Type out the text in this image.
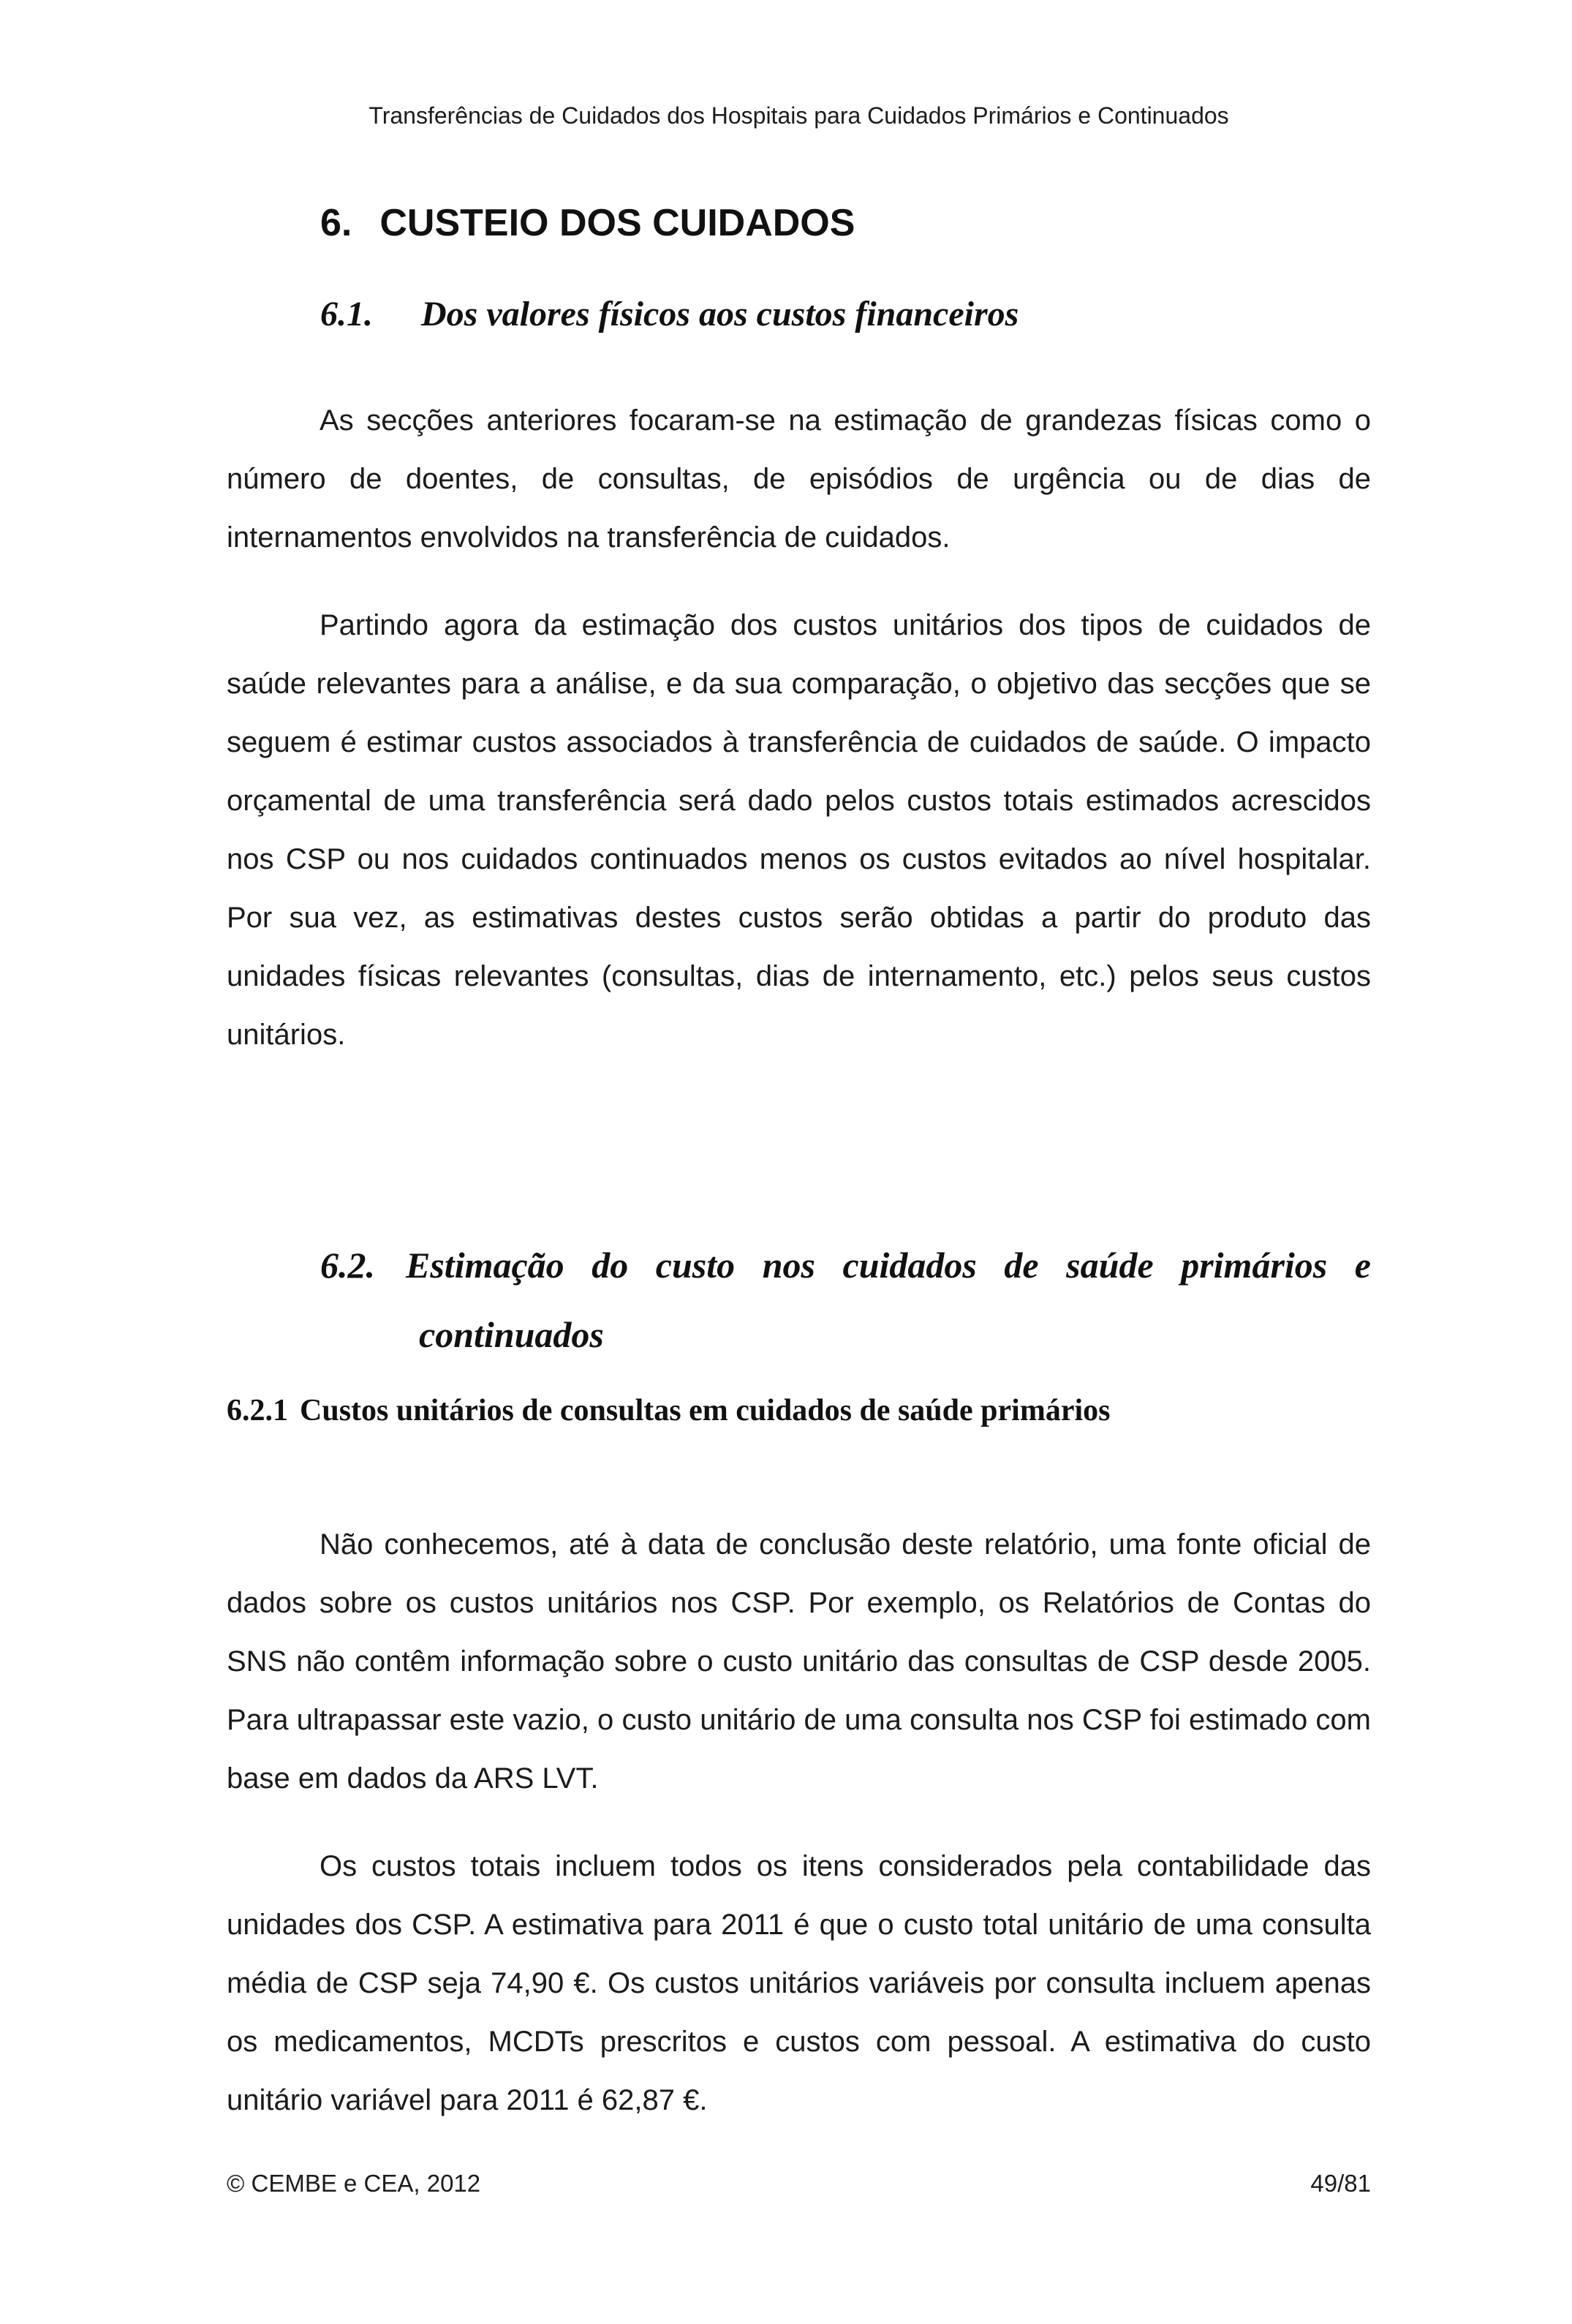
Transferências de Cuidados dos Hospitais para Cuidados Primários e Continuados
6. CUSTEIO DOS CUIDADOS
6.1. Dos valores físicos aos custos financeiros

As secções anteriores focaram-se na estimação de grandezas físicas como o número de doentes, de consultas, de episódios de urgência ou de dias de internamentos envolvidos na transferência de cuidados.

Partindo agora da estimação dos custos unitários dos tipos de cuidados de saúde relevantes para a análise, e da sua comparação, o objetivo das secções que se seguem é estimar custos associados à transferência de cuidados de saúde. O impacto orçamental de uma transferência será dado pelos custos totais estimados acrescidos nos CSP ou nos cuidados continuados menos os custos evitados ao nível hospitalar. Por sua vez, as estimativas destes custos serão obtidas a partir do produto das unidades físicas relevantes (consultas, dias de internamento, etc.) pelos seus custos unitários.

6.2. Estimação do custo nos cuidados de saúde primários e continuados
6.2.1 Custos unitários de consultas em cuidados de saúde primários

Não conhecemos, até à data de conclusão deste relatório, uma fonte oficial de dados sobre os custos unitários nos CSP. Por exemplo, os Relatórios de Contas do SNS não contêm informação sobre o custo unitário das consultas de CSP desde 2005. Para ultrapassar este vazio, o custo unitário de uma consulta nos CSP foi estimado com base em dados da ARS LVT.

Os custos totais incluem todos os itens considerados pela contabilidade das unidades dos CSP. A estimativa para 2011 é que o custo total unitário de uma consulta média de CSP seja 74,90 €. Os custos unitários variáveis por consulta incluem apenas os medicamentos, MCDTs prescritos e custos com pessoal. A estimativa do custo unitário variável para 2011 é 62,87 €.

© CEMBE e CEA, 2012	49/81
